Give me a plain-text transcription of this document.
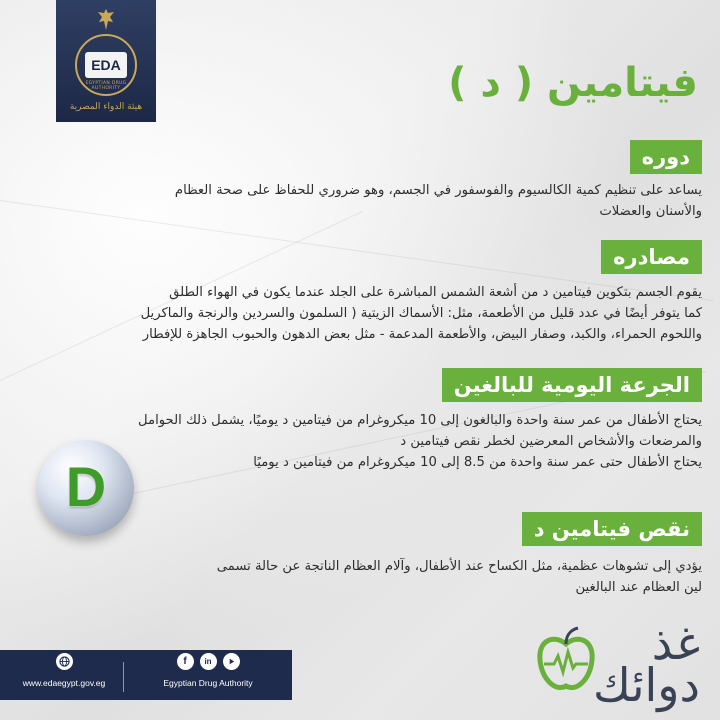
EDA
EGYPTIAN DRUG AUTHORITY
هيئة الدواء المصرية
فيتامين ( د )
دوره

يساعد على تنظيم كمية الكالسيوم والفوسفور في الجسم، وهو ضروري للحفاظ على صحة العظام

والأسنان والعضلات

مصادره

يقوم الجسم بتكوين فيتامين د من أشعة الشمس المباشرة على الجلد عندما يكون في الهواء الطلق

كما يتوفر أيضًا في عدد قليل من الأطعمة، مثل: الأسماك الزيتية ( السلمون والسردين والرنجة والماكريل

واللحوم الحمراء، والكبد، وصفار البيض، والأطعمة المدعمة - مثل بعض الدهون والحبوب الجاهزة للإفطار

الجرعة اليومية للبالغين

يحتاج الأطفال من عمر سنة واحدة والبالغون إلى 10 ميكروغرام من فيتامين د يوميًا، يشمل ذلك الحوامل

والمرضعات والأشخاص المعرضين لخطر نقص فيتامين د

يحتاج الأطفال حتى عمر سنة واحدة من 8.5 إلى 10 ميكروغرام من فيتامين د يوميًا

D
نقص فيتامين د

يؤدي إلى تشوهات عظمية، مثل الكساح عند الأطفال، وآلام العظام الناتجة عن حالة تسمى

لين العظام عند البالغين

www.edaegypt.gov.eg
f	in
Egyptian Drug Authority
غذ
دوائك
